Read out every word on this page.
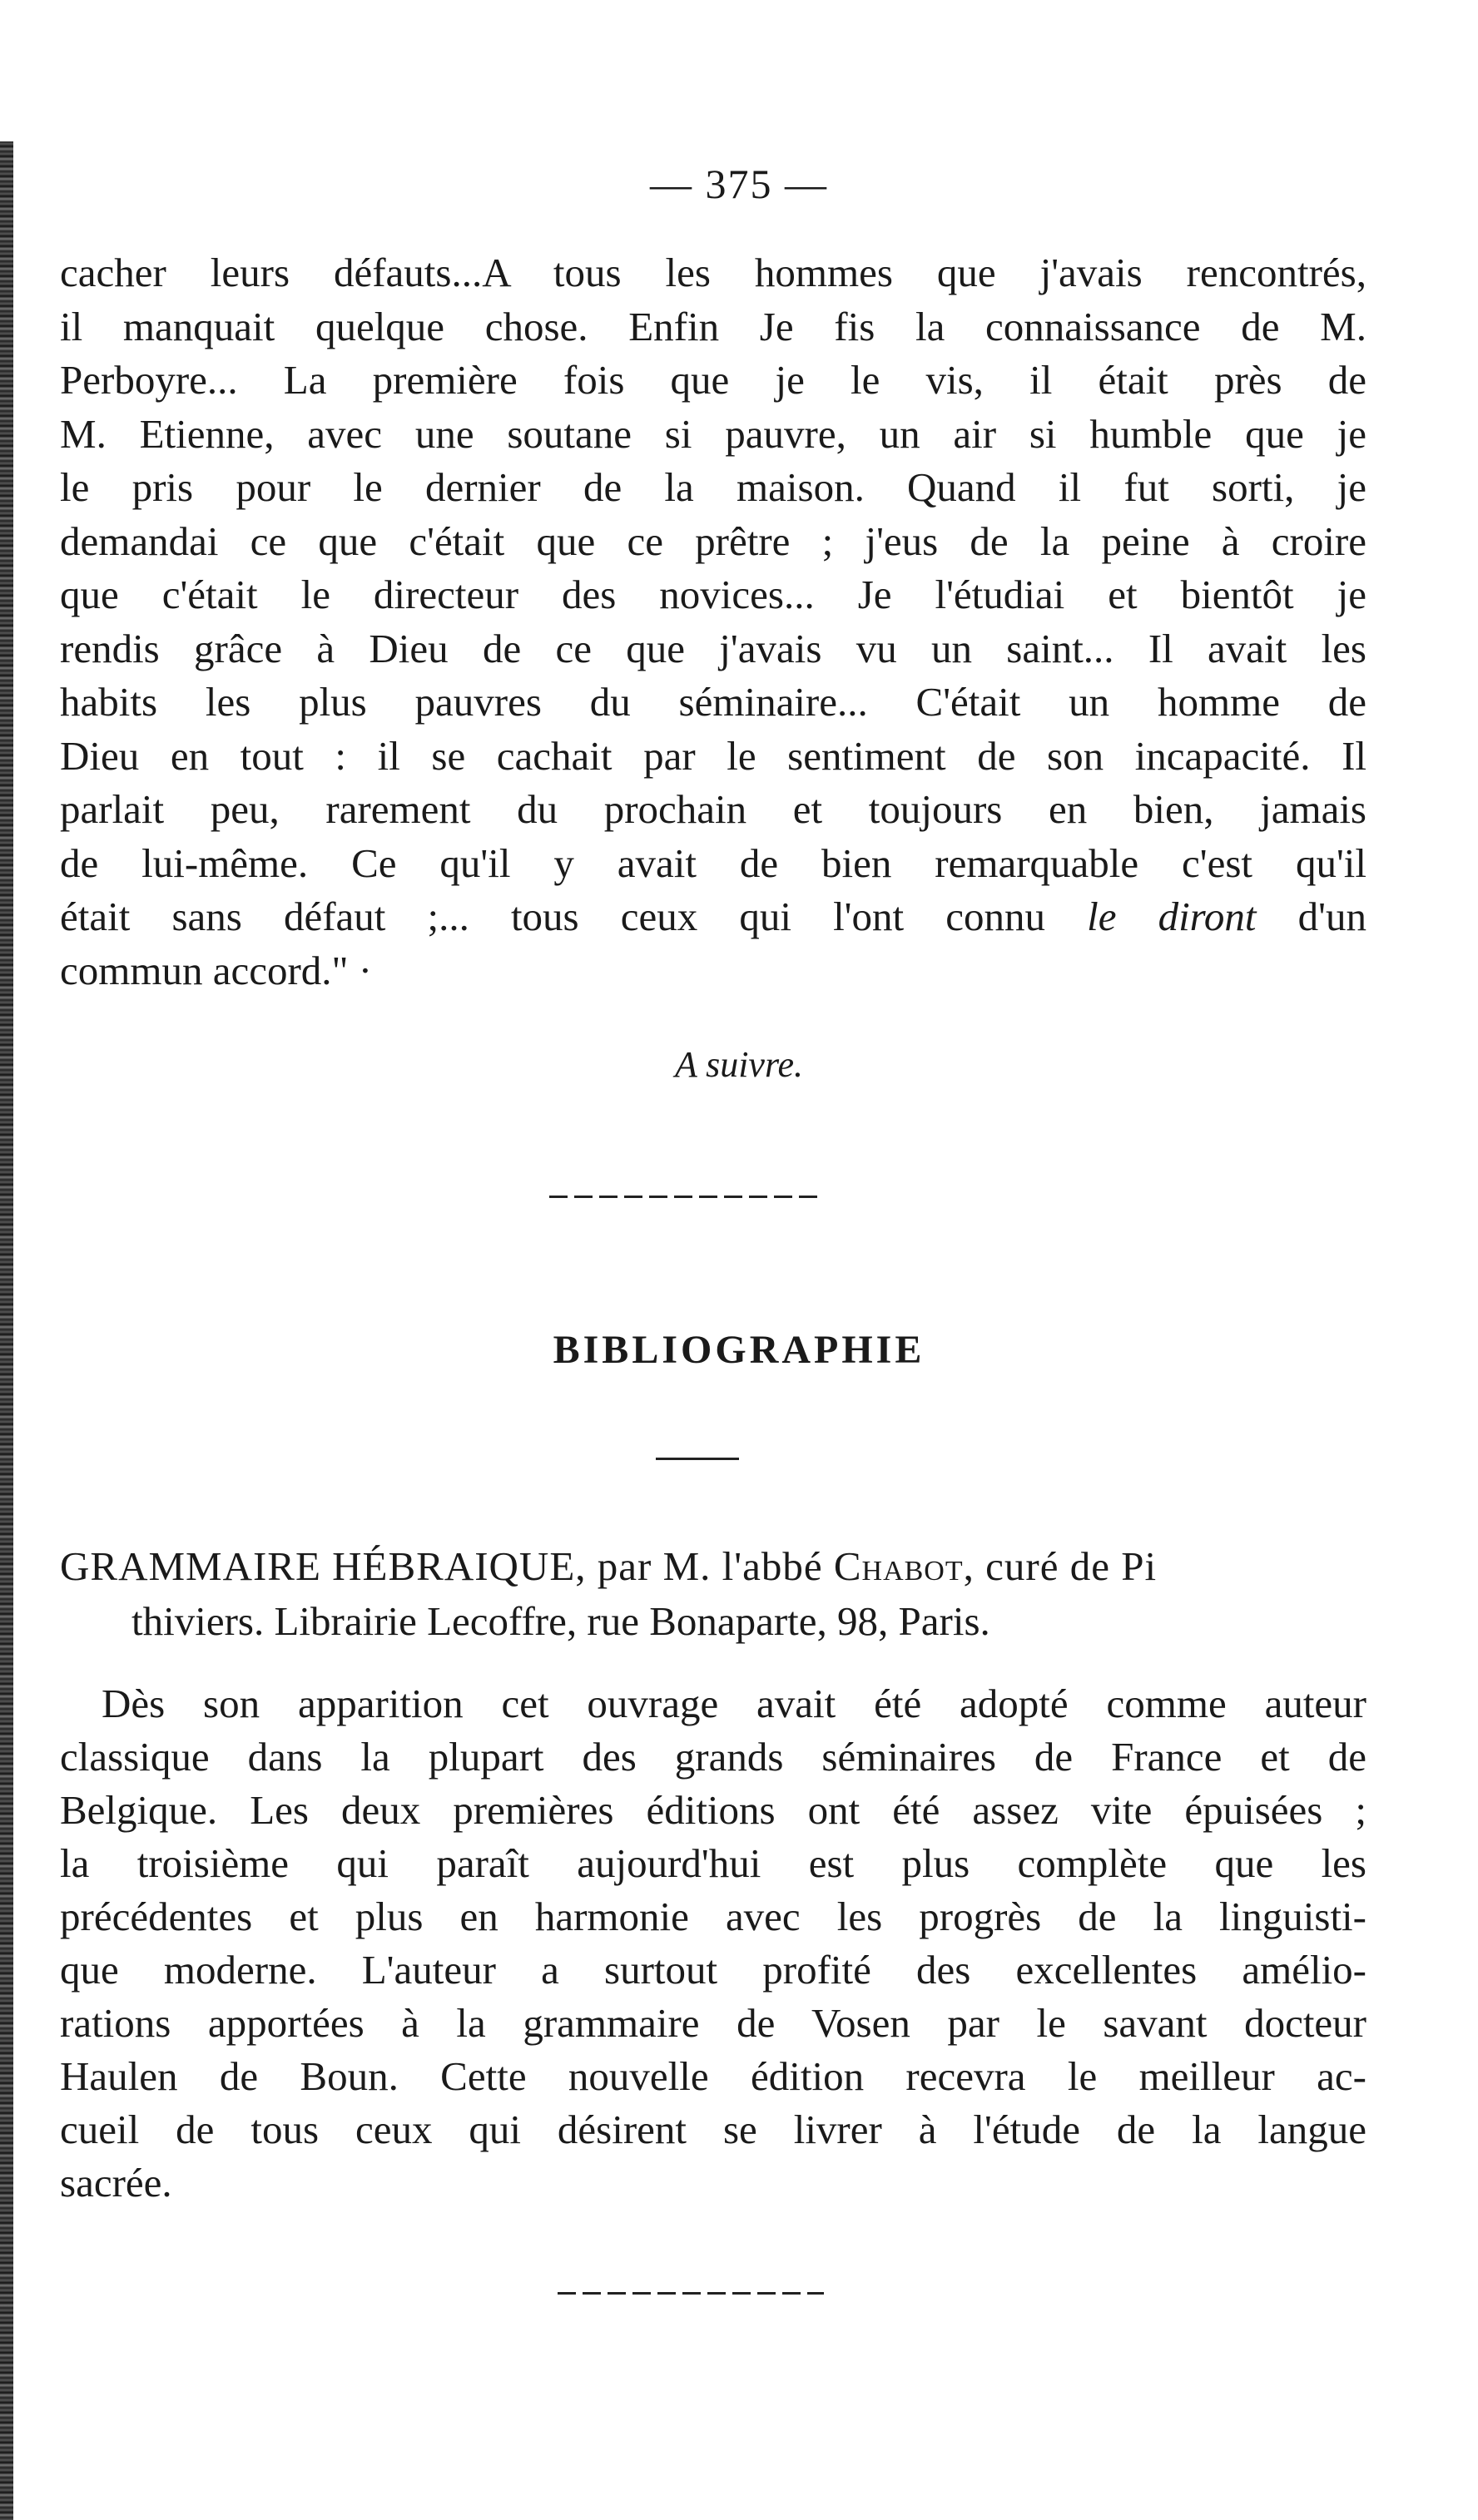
— 375 —
cacher leurs défauts...A tous les hommes que j'avais rencontrés,
il manquait quelque chose. Enfin Je fis la connaissance de M.
Perboyre... La première fois que je le vis, il était près de
M. Etienne, avec une soutane si pauvre, un air si humble que je
le pris pour le dernier de la maison. Quand il fut sorti, je
demandai ce que c'était que ce prêtre ; j'eus de la peine à croire
que c'était le directeur des novices... Je l'étudiai et bientôt je
rendis grâce à Dieu de ce que j'avais vu un saint... Il avait les
habits les plus pauvres du séminaire... C'était un homme de
Dieu en tout : il se cachait par le sentiment de son incapacité. Il
parlait peu, rarement du prochain et toujours en bien, jamais
de lui-même. Ce qu'il y avait de bien remarquable c'est qu'il
était sans défaut ;... tous ceux qui l'ont connu le diront d'un
commun accord." ·
A suivre.
BIBLIOGRAPHIE
GRAMMAIRE HÉBRAIQUE, par M. l'abbé Chabot, curé de Pi
thiviers. Librairie Lecoffre, rue Bonaparte, 98, Paris.
Dès son apparition cet ouvrage avait été adopté comme auteur
classique dans la plupart des grands séminaires de France et de
Belgique. Les deux premières éditions ont été assez vite épuisées ;
la troisième qui paraît aujourd'hui est plus complète que les
précédentes et plus en harmonie avec les progrès de la linguisti-
que moderne. L'auteur a surtout profité des excellentes amélio-
rations apportées à la grammaire de Vosen par le savant docteur
Haulen de Boun. Cette nouvelle édition recevra le meilleur ac-
cueil de tous ceux qui désirent se livrer à l'étude de la langue
sacrée.
